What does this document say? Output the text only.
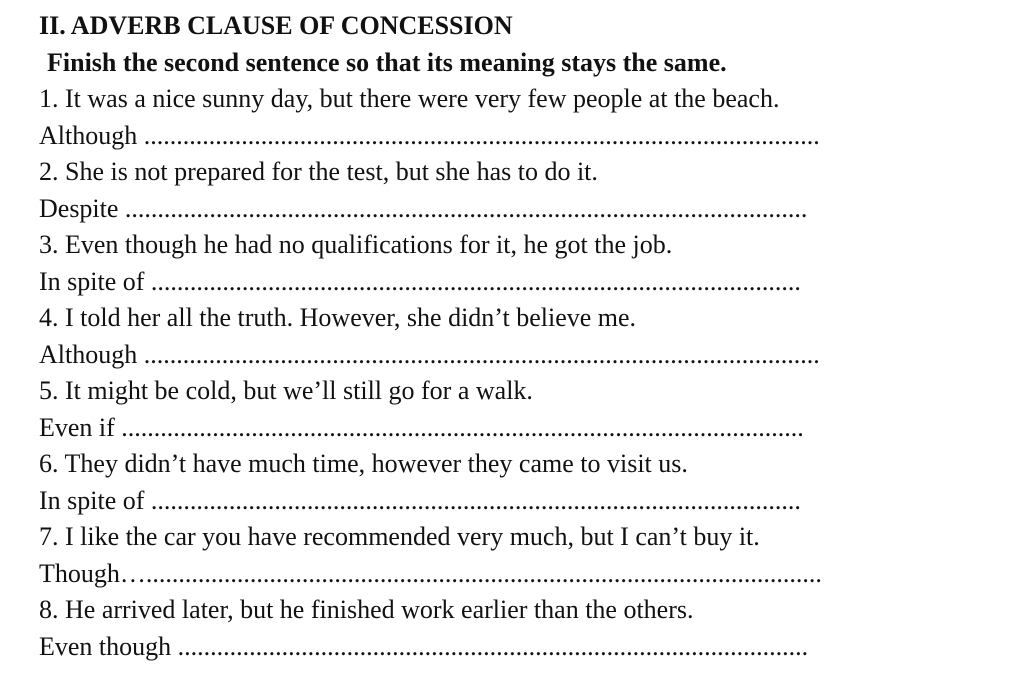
II. ADVERB CLAUSE OF CONCESSION
Finish the second sentence so that its meaning stays the same.
1. It was a nice sunny day, but there were very few people at the beach.
Although ........................................................................................................
2. She is not prepared for the test, but she has to do it.
Despite .........................................................................................................
3. Even though he had no qualifications for it, he got the job.
In spite of ....................................................................................................
4. I told her all the truth. However, she didn’t believe me.
Although ........................................................................................................
5. It might be cold, but we’ll still go for a walk.
Even if .........................................................................................................
6. They didn’t have much time, however they came to visit us.
In spite of ....................................................................................................
7. I like the car you have recommended very much, but I can’t buy it.
Though…........................................................................................................
8. He arrived later, but he finished work earlier than the others.
Even though .................................................................................................
